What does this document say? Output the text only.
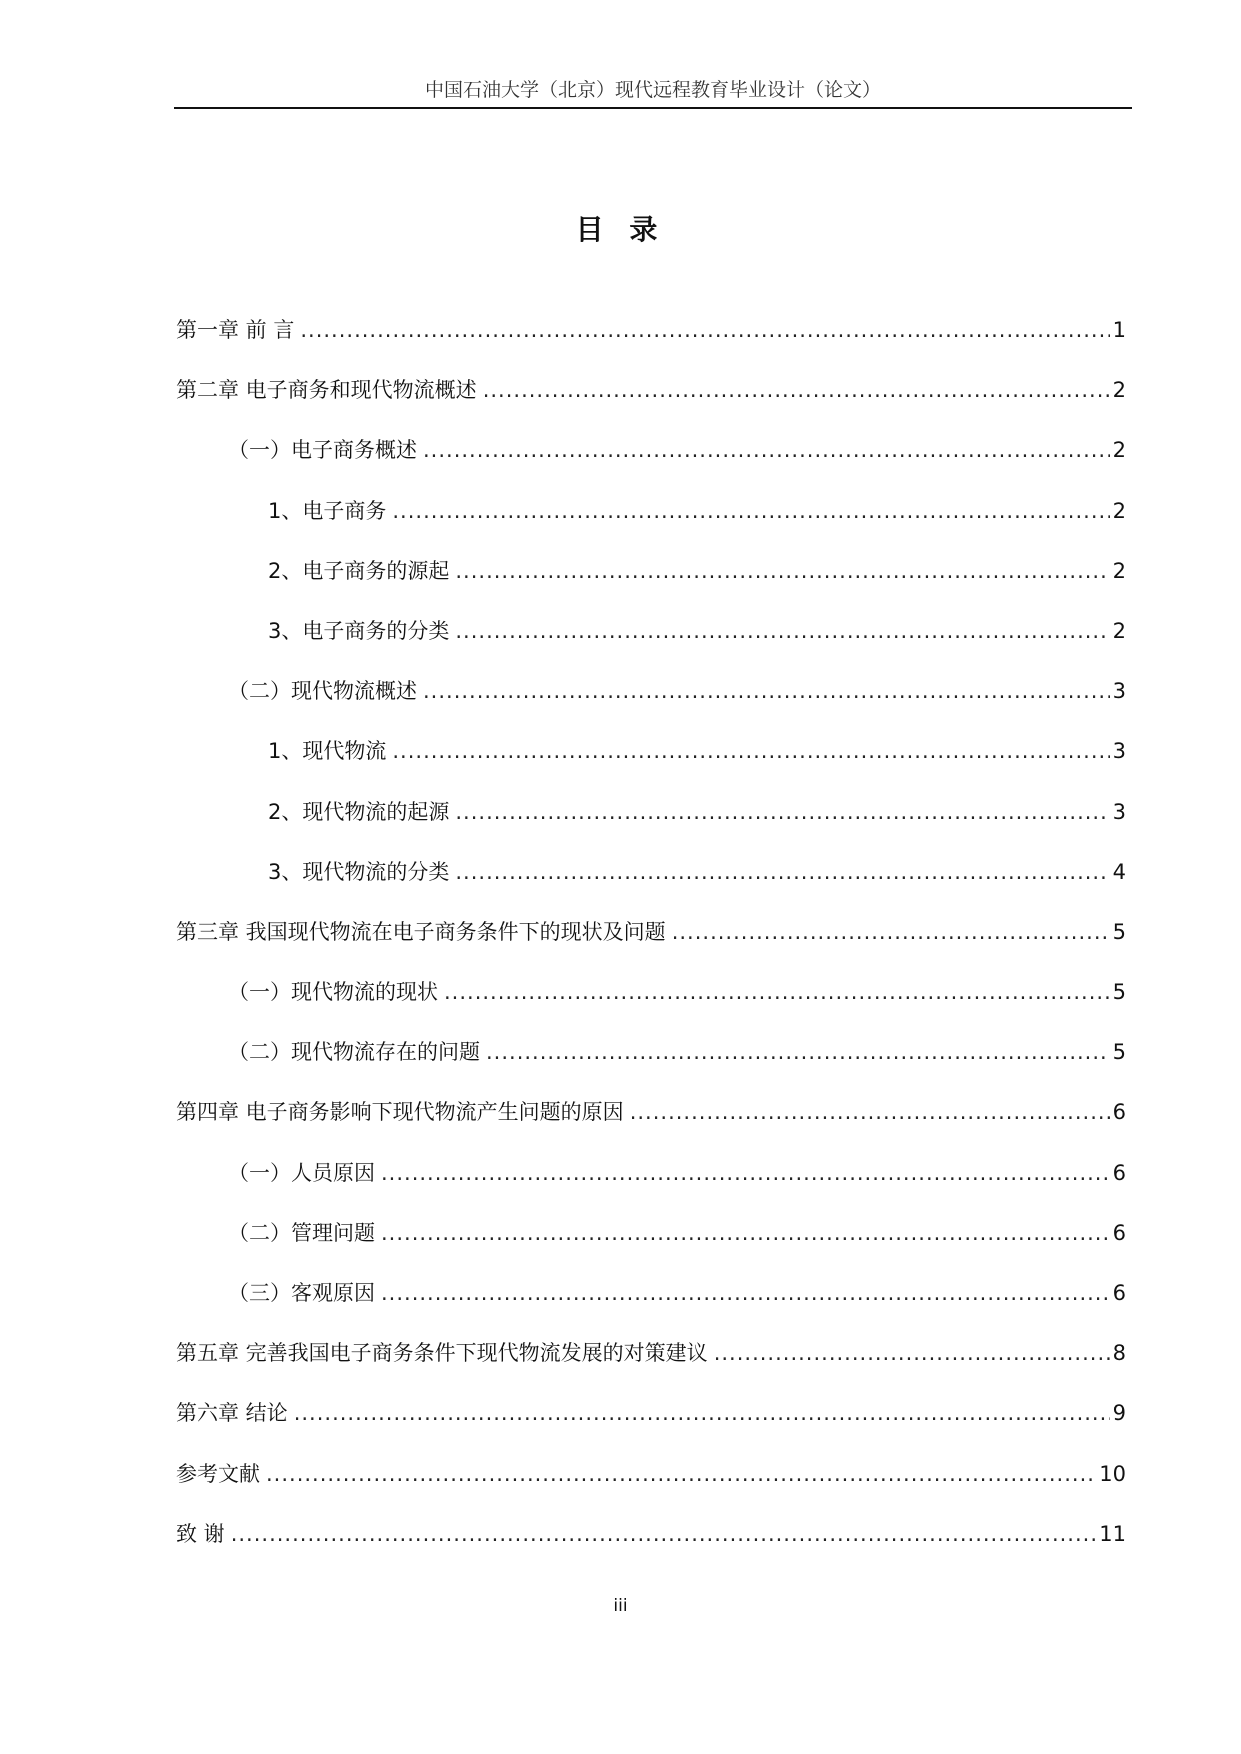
中国石油大学（北京）现代远程教育毕业设计（论文）
目 录
第一章 前 言 .....	1
第二章 电子商务和现代物流概述 .....	2
（一）电子商务概述 .....	2
1、电子商务 .....	2
2、电子商务的源起 .....	2
3、电子商务的分类 .....	2
（二）现代物流概述 .....	3
1、现代物流 .....	3
2、现代物流的起源 .....	3
3、现代物流的分类 .....	4
第三章 我国现代物流在电子商务条件下的现状及问题 .....	5
（一）现代物流的现状 .....	5
（二）现代物流存在的问题 .....	5
第四章 电子商务影响下现代物流产生问题的原因 .....	6
（一）人员原因 .....	6
（二）管理问题 .....	6
（三）客观原因 .....	6
第五章 完善我国电子商务条件下现代物流发展的对策建议 .....	8
第六章 结论 .....	9
参考文献 .....	10
致 谢 .....	11
iii
